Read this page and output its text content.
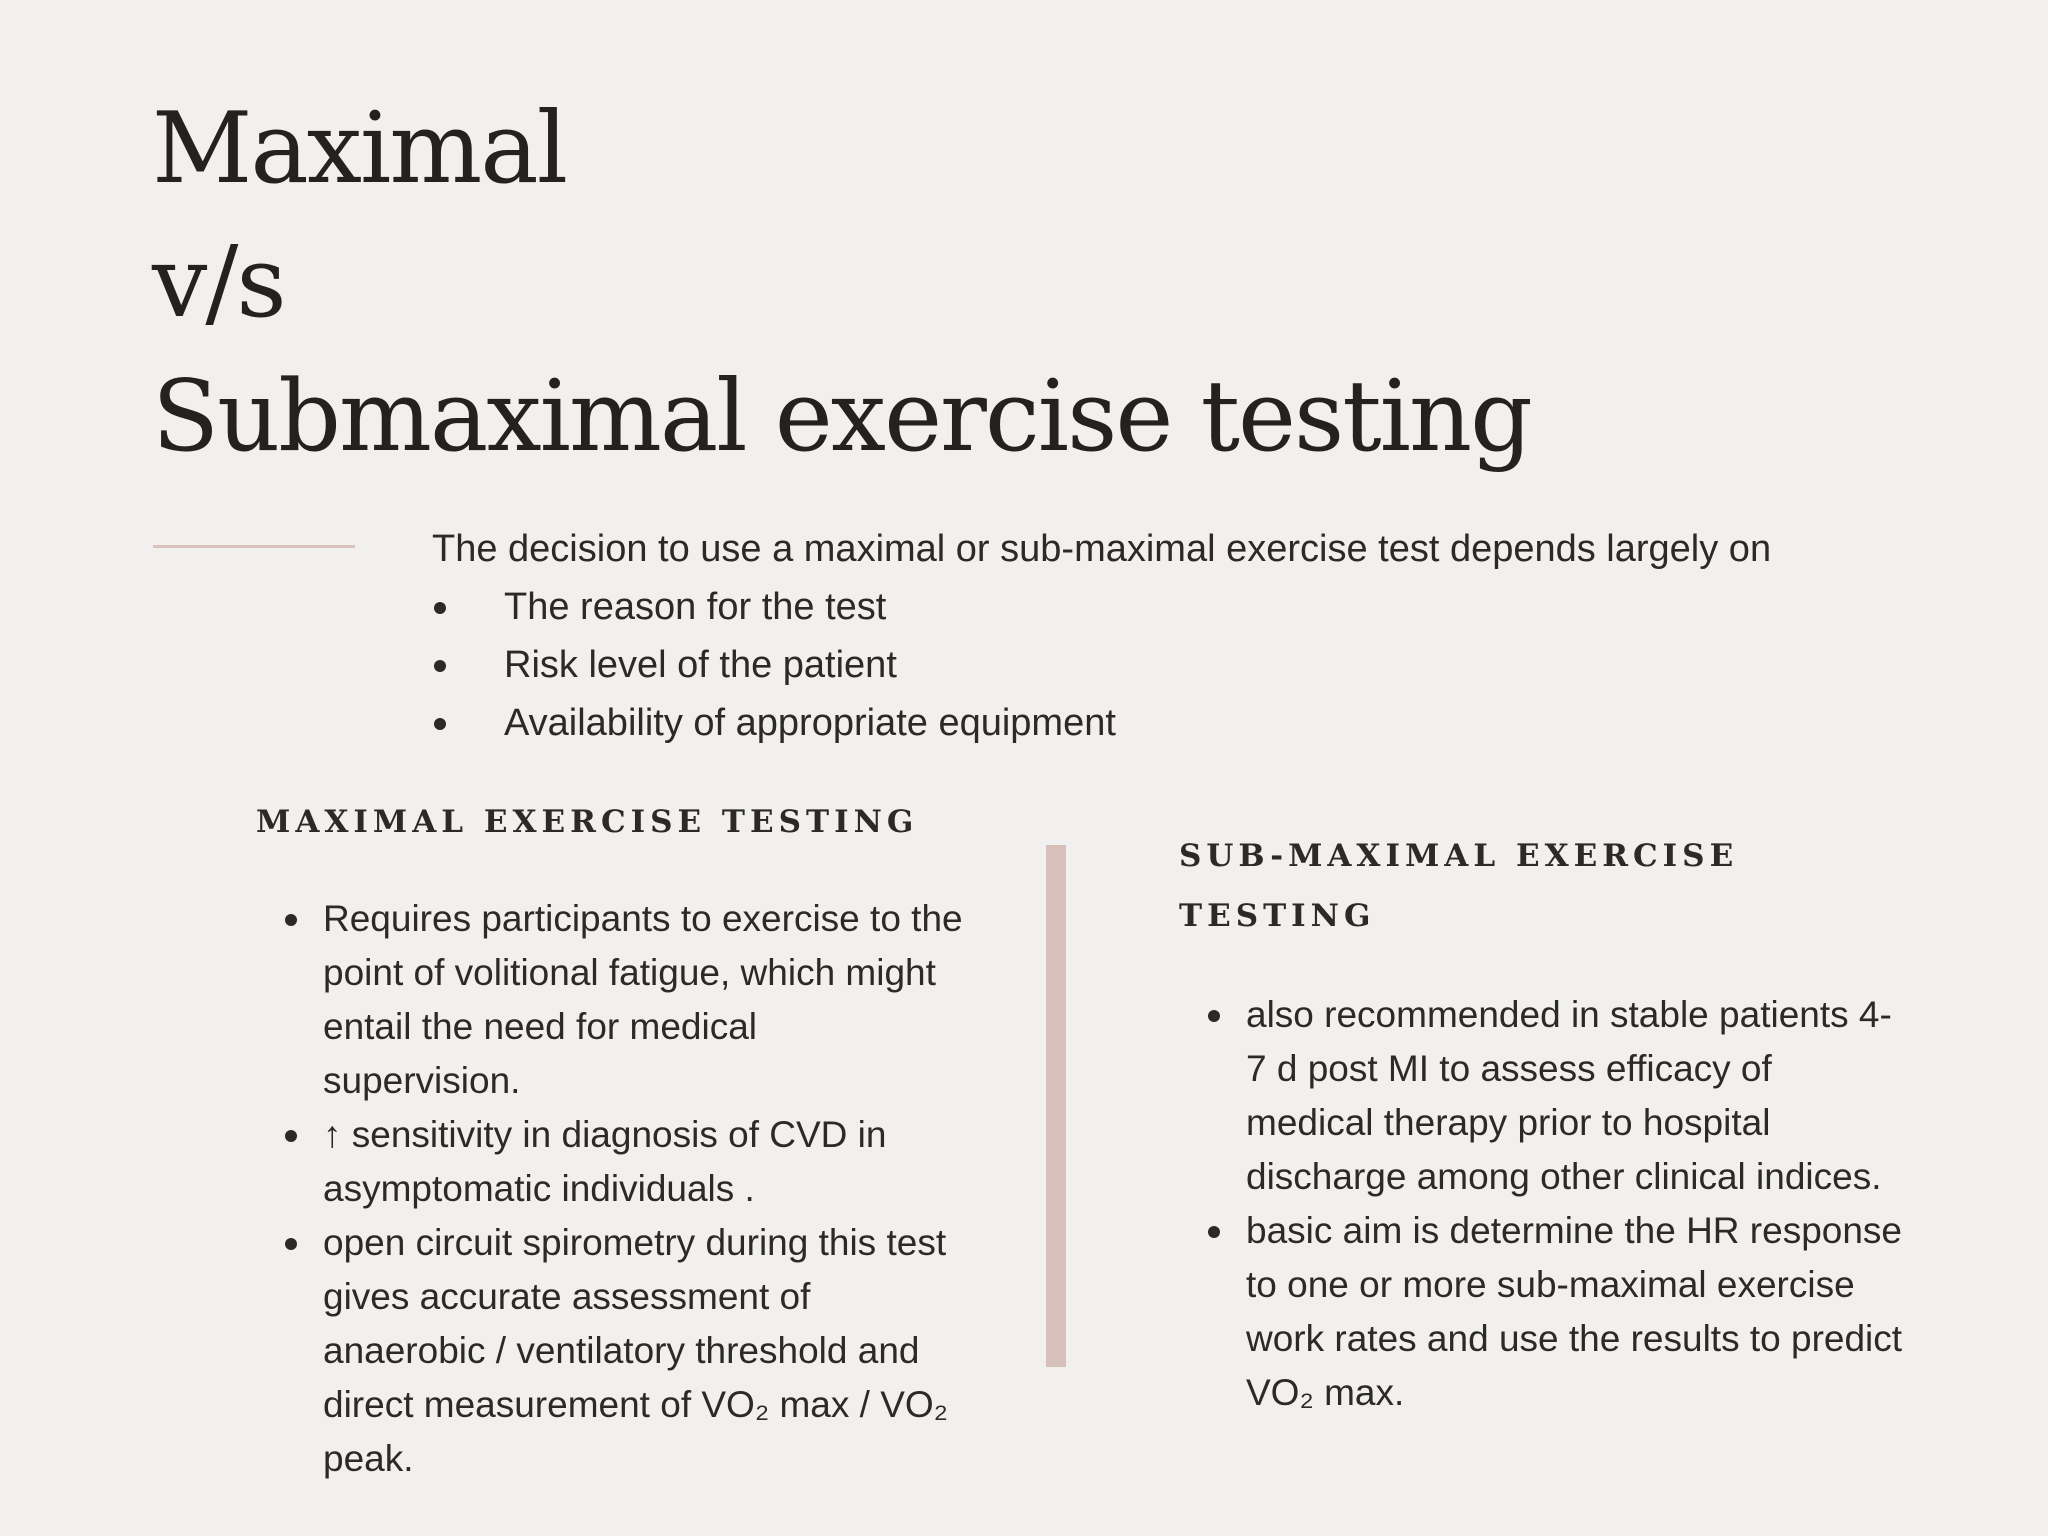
Maximal
v/s
Submaximal exercise testing

The decision to use a maximal or sub-maximal exercise test depends largely on

The reason for the test
Risk level of the patient
Availability of appropriate equipment
MAXIMAL EXERCISE TESTING
Requires participants to exercise to the point of volitional fatigue, which might entail the need for medical supervision.
↑ sensitivity in diagnosis of CVD in asymptomatic individuals .
open circuit spirometry during this test gives accurate assessment of anaerobic / ventilatory threshold and direct measurement of VO₂ max / VO₂ peak.
SUB-MAXIMAL EXERCISE TESTING
also recommended in stable patients 4-7 d post MI to assess efficacy of medical therapy prior to hospital discharge among other clinical indices.
basic aim is determine the HR response to one or more sub-maximal exercise work rates and use the results to predict VO₂ max.
